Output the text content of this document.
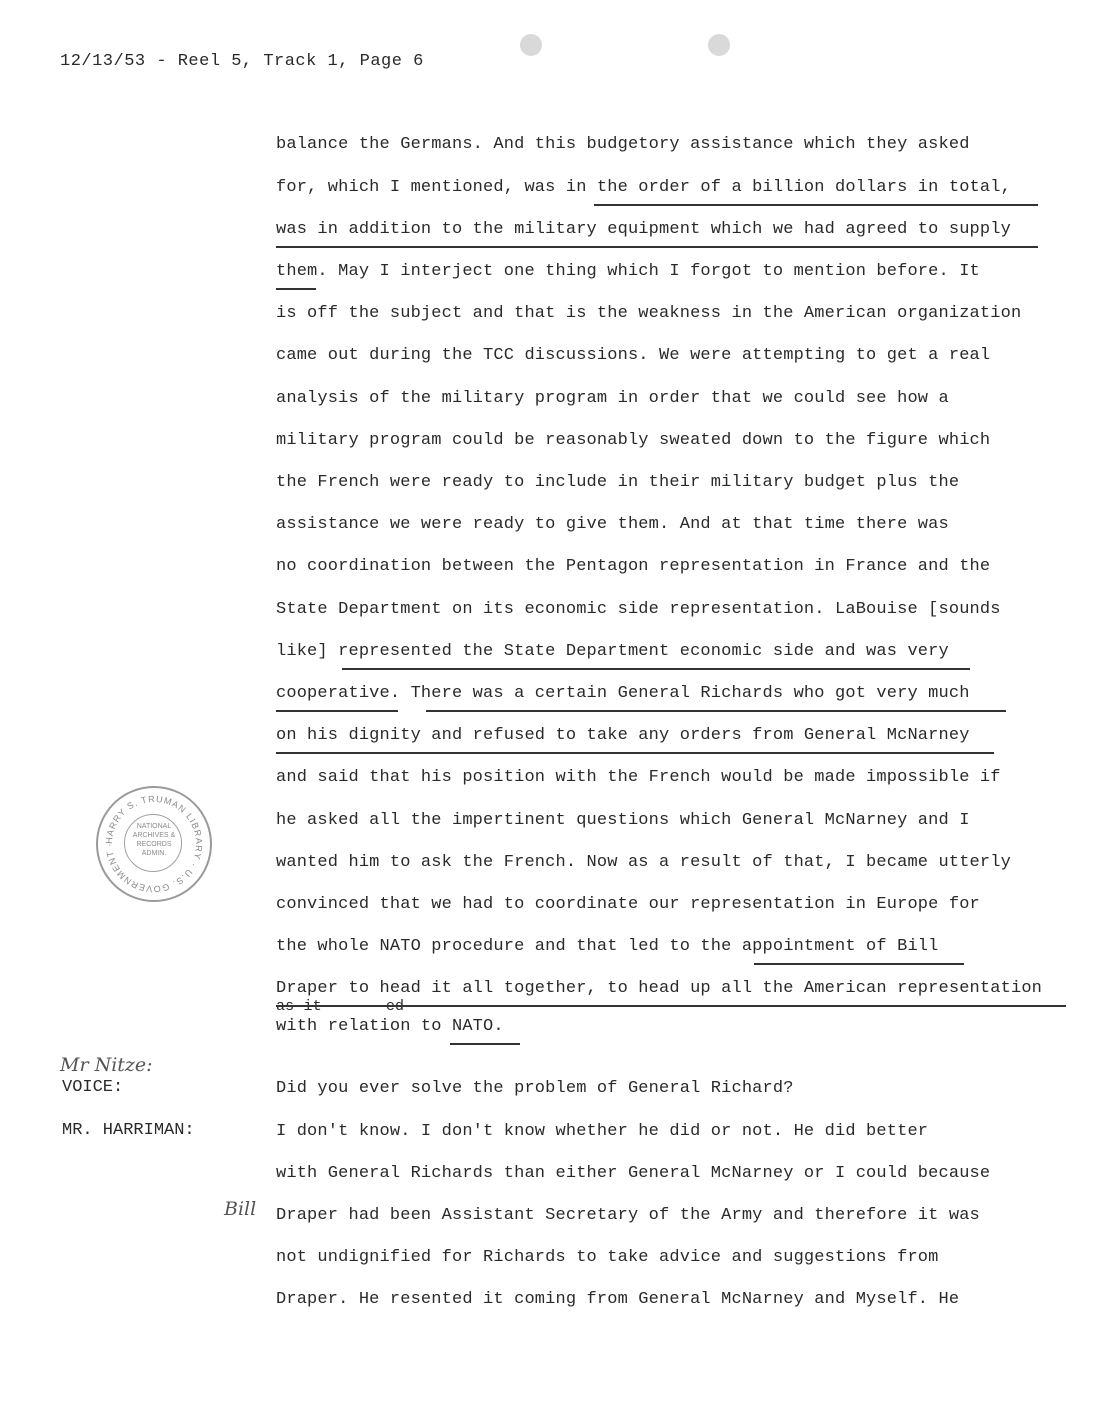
12/13/53 - Reel 5, Track 1, Page 6
balance the Germans. And this budgetory assistance which they asked
for, which I mentioned, was in the order of a billion dollars in total,
was in addition to the military equipment which we had agreed to supply
them. May I interject one thing which I forgot to mention before. It
is off the subject and that is the weakness in the American organization
came out during the TCC discussions. We were attempting to get a real
analysis of the military program in order that we could see how a
military program could be reasonably sweated down to the figure which
the French were ready to include in their military budget plus the
assistance we were ready to give them. And at that time there was
no coordination between the Pentagon representation in France and the
State Department on its economic side representation. LaBouise [sounds
like] represented the State Department economic side and was very
cooperative. There was a certain General Richards who got very much
on his dignity and refused to take any orders from General McNarney
and said that his position with the French would be made impossible if
he asked all the impertinent questions which General McNarney and I
wanted him to ask the French. Now as a result of that, I became utterly
convinced that we had to coordinate our representation in Europe for
the whole NATO procedure and that led to the appointment of Bill
Draper to head it all together, to head up all the American representation
as it       ed
with relation to NATO.
Mr Nitze:
VOICE:	Did you ever solve the problem of General Richard?
MR. HARRIMAN:	I don't know. I don't know whether he did or not. He did better
with General Richards than either General McNarney or I could because
Bill Draper had been Assistant Secretary of the Army and therefore it was
not undignified for Richards to take advice and suggestions from
Draper. He resented it coming from General McNarney and Myself. He
HARRY S. TRUMAN LIBRARY · U.S. GOVERNMENT ·
NATIONAL ARCHIVES & RECORDS ADMIN.
